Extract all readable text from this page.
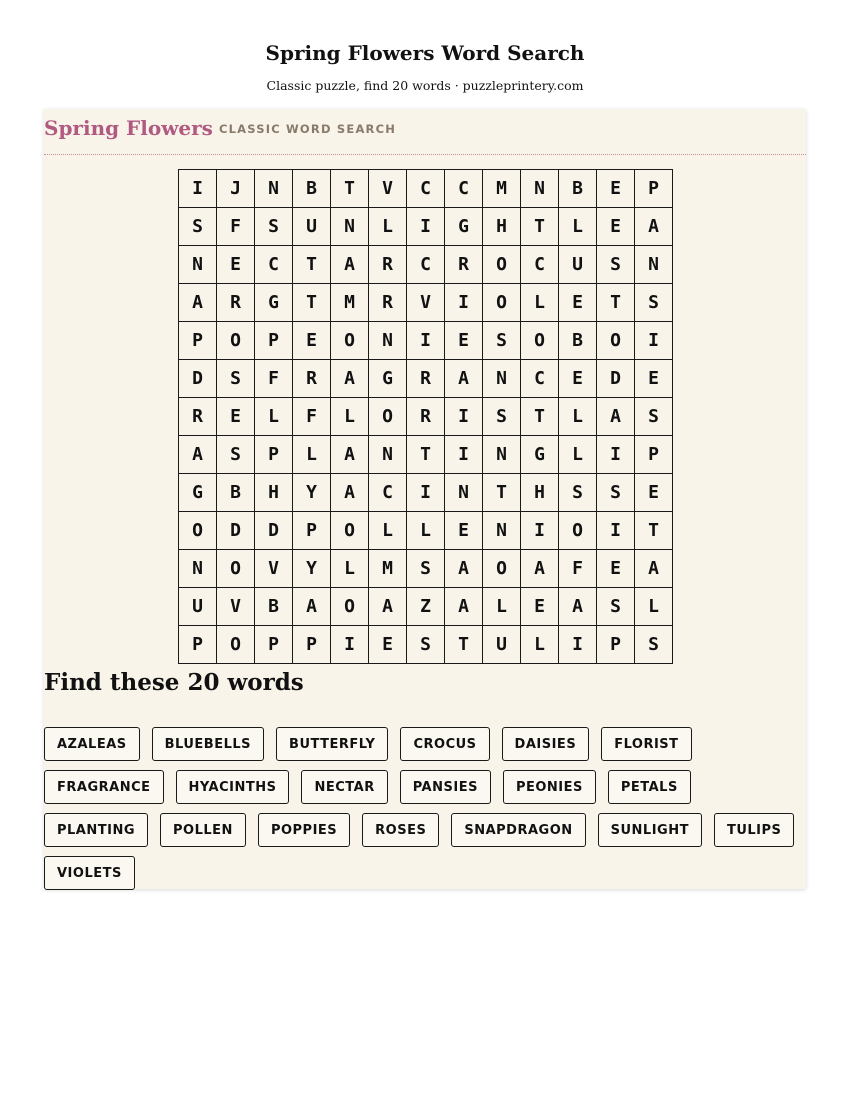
Spring Flowers Word Search
Classic puzzle, find 20 words · puzzleprintery.com
Spring Flowers CLASSIC WORD SEARCH
I	J	N	B	T	V	C	C	M	N	B	E	P
S	F	S	U	N	L	I	G	H	T	L	E	A
N	E	C	T	A	R	C	R	O	C	U	S	N
A	R	G	T	M	R	V	I	O	L	E	T	S
P	O	P	E	O	N	I	E	S	O	B	O	I
D	S	F	R	A	G	R	A	N	C	E	D	E
R	E	L	F	L	O	R	I	S	T	L	A	S
A	S	P	L	A	N	T	I	N	G	L	I	P
G	B	H	Y	A	C	I	N	T	H	S	S	E
O	D	D	P	O	L	L	E	N	I	O	I	T
N	O	V	Y	L	M	S	A	O	A	F	E	A
U	V	B	A	O	A	Z	A	L	E	A	S	L
P	O	P	P	I	E	S	T	U	L	I	P	S
Find these 20 words
AZALEAS	BLUEBELLS	BUTTERFLY	CROCUS	DAISIES	FLORIST
FRAGRANCE	HYACINTHS	NECTAR	PANSIES	PEONIES	PETALS
PLANTING	POLLEN	POPPIES	ROSES	SNAPDRAGON	SUNLIGHT	TULIPS
VIOLETS
